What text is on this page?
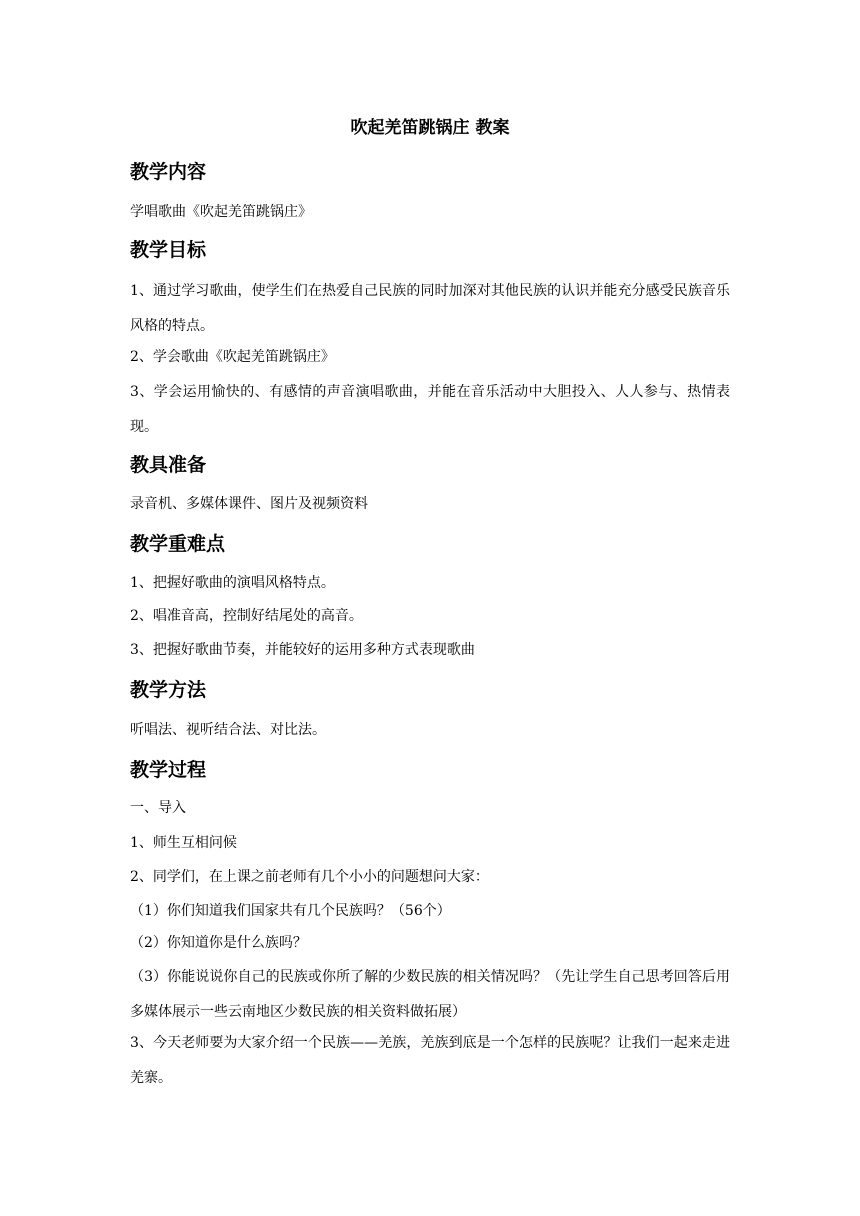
吹起羌笛跳锅庄 教案
教学内容
学唱歌曲《吹起羌笛跳锅庄》
教学目标
1、通过学习歌曲，使学生们在热爱自己民族的同时加深对其他民族的认识并能充分感受民族音乐风格的特点。
2、学会歌曲《吹起羌笛跳锅庄》
3、学会运用愉快的、有感情的声音演唱歌曲，并能在音乐活动中大胆投入、人人参与、热情表现。
教具准备
录音机、多媒体课件、图片及视频资料
教学重难点
1、把握好歌曲的演唱风格特点。
2、唱准音高，控制好结尾处的高音。
3、把握好歌曲节奏，并能较好的运用多种方式表现歌曲
教学方法
听唱法、视听结合法、对比法。
教学过程
一、导入
1、师生互相问候
2、同学们，在上课之前老师有几个小小的问题想问大家：
（1）你们知道我们国家共有几个民族吗？（56个）
（2）你知道你是什么族吗？
（3）你能说说你自己的民族或你所了解的少数民族的相关情况吗？（先让学生自己思考回答后用多媒体展示一些云南地区少数民族的相关资料做拓展）
3、今天老师要为大家介绍一个民族——羌族，羌族到底是一个怎样的民族呢？让我们一起来走进羌寨。
